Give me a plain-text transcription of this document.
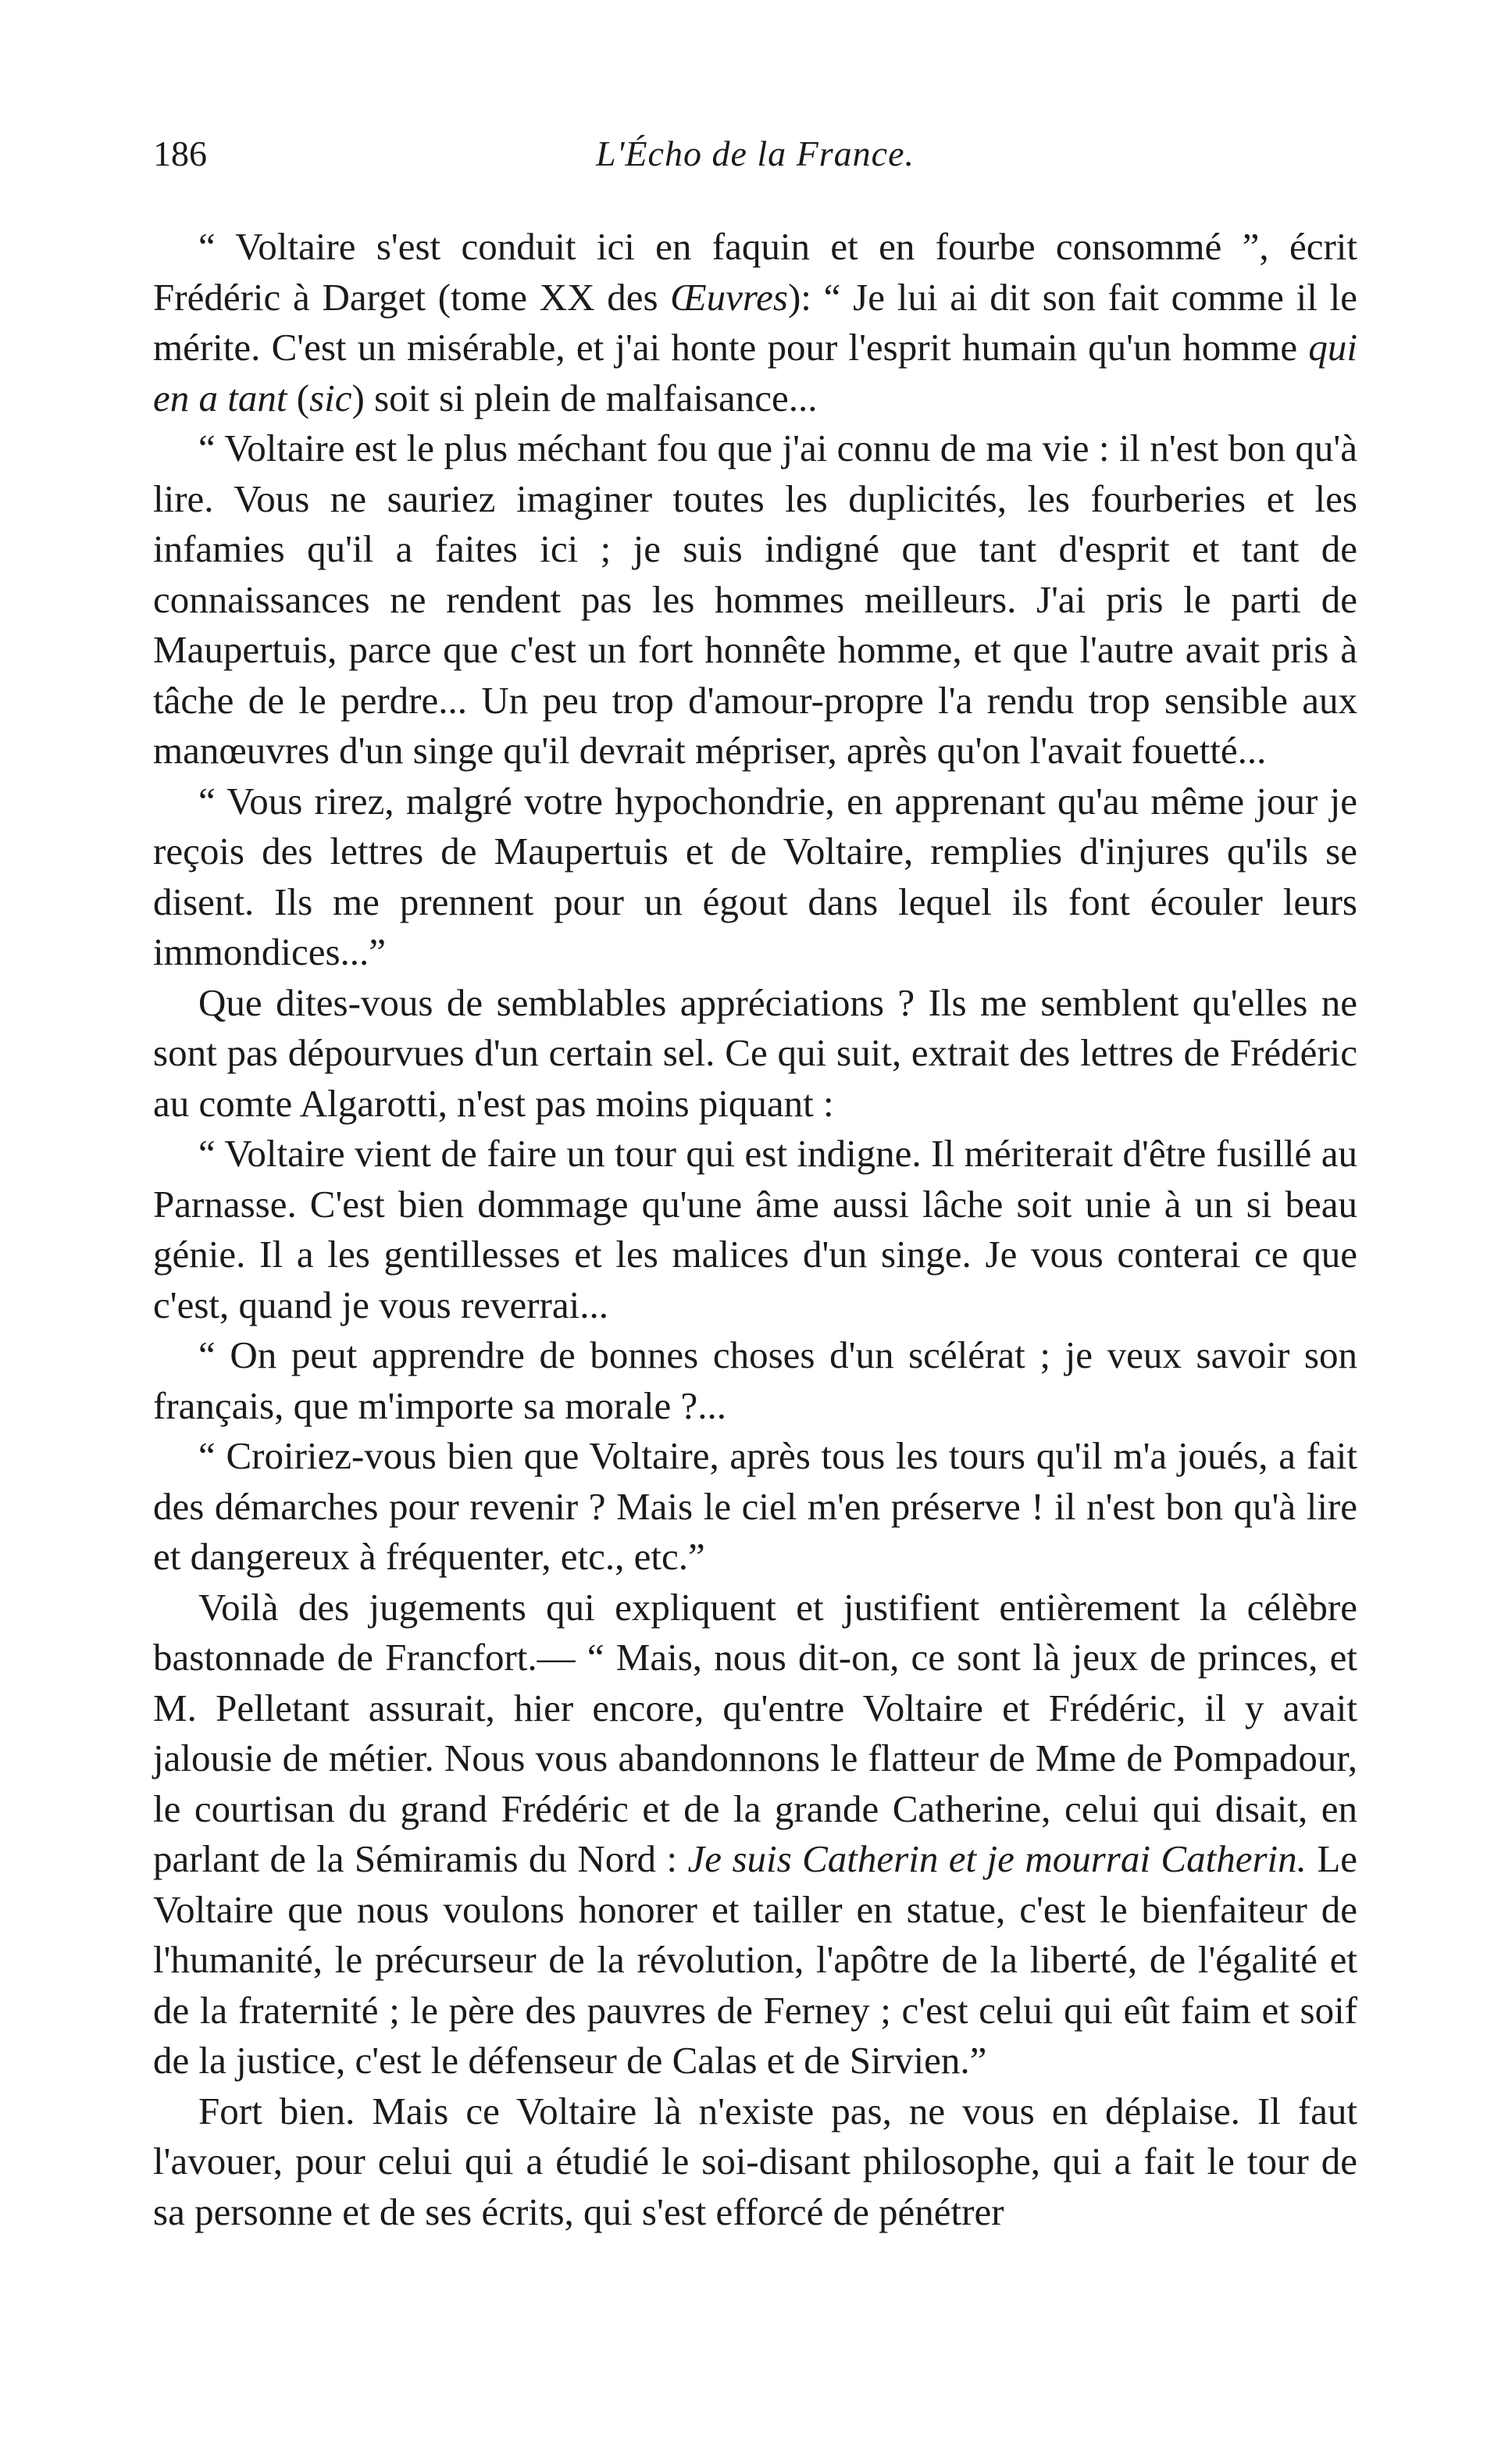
186	L'Écho de la France.

“ Voltaire s'est conduit ici en faquin et en fourbe consommé ”, écrit Frédéric à Darget (tome XX des Œuvres): “ Je lui ai dit son fait comme il le mérite. C'est un misérable, et j'ai honte pour l'esprit humain qu'un homme qui en a tant (sic) soit si plein de malfaisance...

“ Voltaire est le plus méchant fou que j'ai connu de ma vie : il n'est bon qu'à lire. Vous ne sauriez imaginer toutes les duplicités, les fourberies et les infamies qu'il a faites ici ; je suis indigné que tant d'esprit et tant de connaissances ne rendent pas les hommes meilleurs. J'ai pris le parti de Maupertuis, parce que c'est un fort honnête homme, et que l'autre avait pris à tâche de le perdre... Un peu trop d'amour-propre l'a rendu trop sensible aux manœuvres d'un singe qu'il devrait mépriser, après qu'on l'avait fouetté...

“ Vous rirez, malgré votre hypochondrie, en apprenant qu'au même jour je reçois des lettres de Maupertuis et de Voltaire, remplies d'injures qu'ils se disent. Ils me prennent pour un égout dans lequel ils font écouler leurs immondices...”

Que dites-vous de semblables appréciations ? Ils me semblent qu'elles ne sont pas dépourvues d'un certain sel. Ce qui suit, extrait des lettres de Frédéric au comte Algarotti, n'est pas moins piquant :

“ Voltaire vient de faire un tour qui est indigne. Il mériterait d'être fusillé au Parnasse. C'est bien dommage qu'une âme aussi lâche soit unie à un si beau génie. Il a les gentillesses et les malices d'un singe. Je vous conterai ce que c'est, quand je vous reverrai...

“ On peut apprendre de bonnes choses d'un scélérat ; je veux savoir son français, que m'importe sa morale ?...

“ Croiriez-vous bien que Voltaire, après tous les tours qu'il m'a joués, a fait des démarches pour revenir ? Mais le ciel m'en préserve ! il n'est bon qu'à lire et dangereux à fréquenter, etc., etc.”

Voilà des jugements qui expliquent et justifient entièrement la célèbre bastonnade de Francfort.— “ Mais, nous dit-on, ce sont là jeux de princes, et M. Pelletant assurait, hier encore, qu'entre Voltaire et Frédéric, il y avait jalousie de métier. Nous vous abandonnons le flatteur de Mme de Pompadour, le courtisan du grand Frédéric et de la grande Catherine, celui qui disait, en parlant de la Sémiramis du Nord : Je suis Catherin et je mourrai Catherin. Le Voltaire que nous voulons honorer et tailler en statue, c'est le bienfaiteur de l'humanité, le précurseur de la révolution, l'apôtre de la liberté, de l'égalité et de la fraternité ; le père des pauvres de Ferney ; c'est celui qui eût faim et soif de la justice, c'est le défenseur de Calas et de Sirvien.”

Fort bien. Mais ce Voltaire là n'existe pas, ne vous en déplaise. Il faut l'avouer, pour celui qui a étudié le soi-disant philosophe, qui a fait le tour de sa personne et de ses écrits, qui s'est efforcé de pénétrer
